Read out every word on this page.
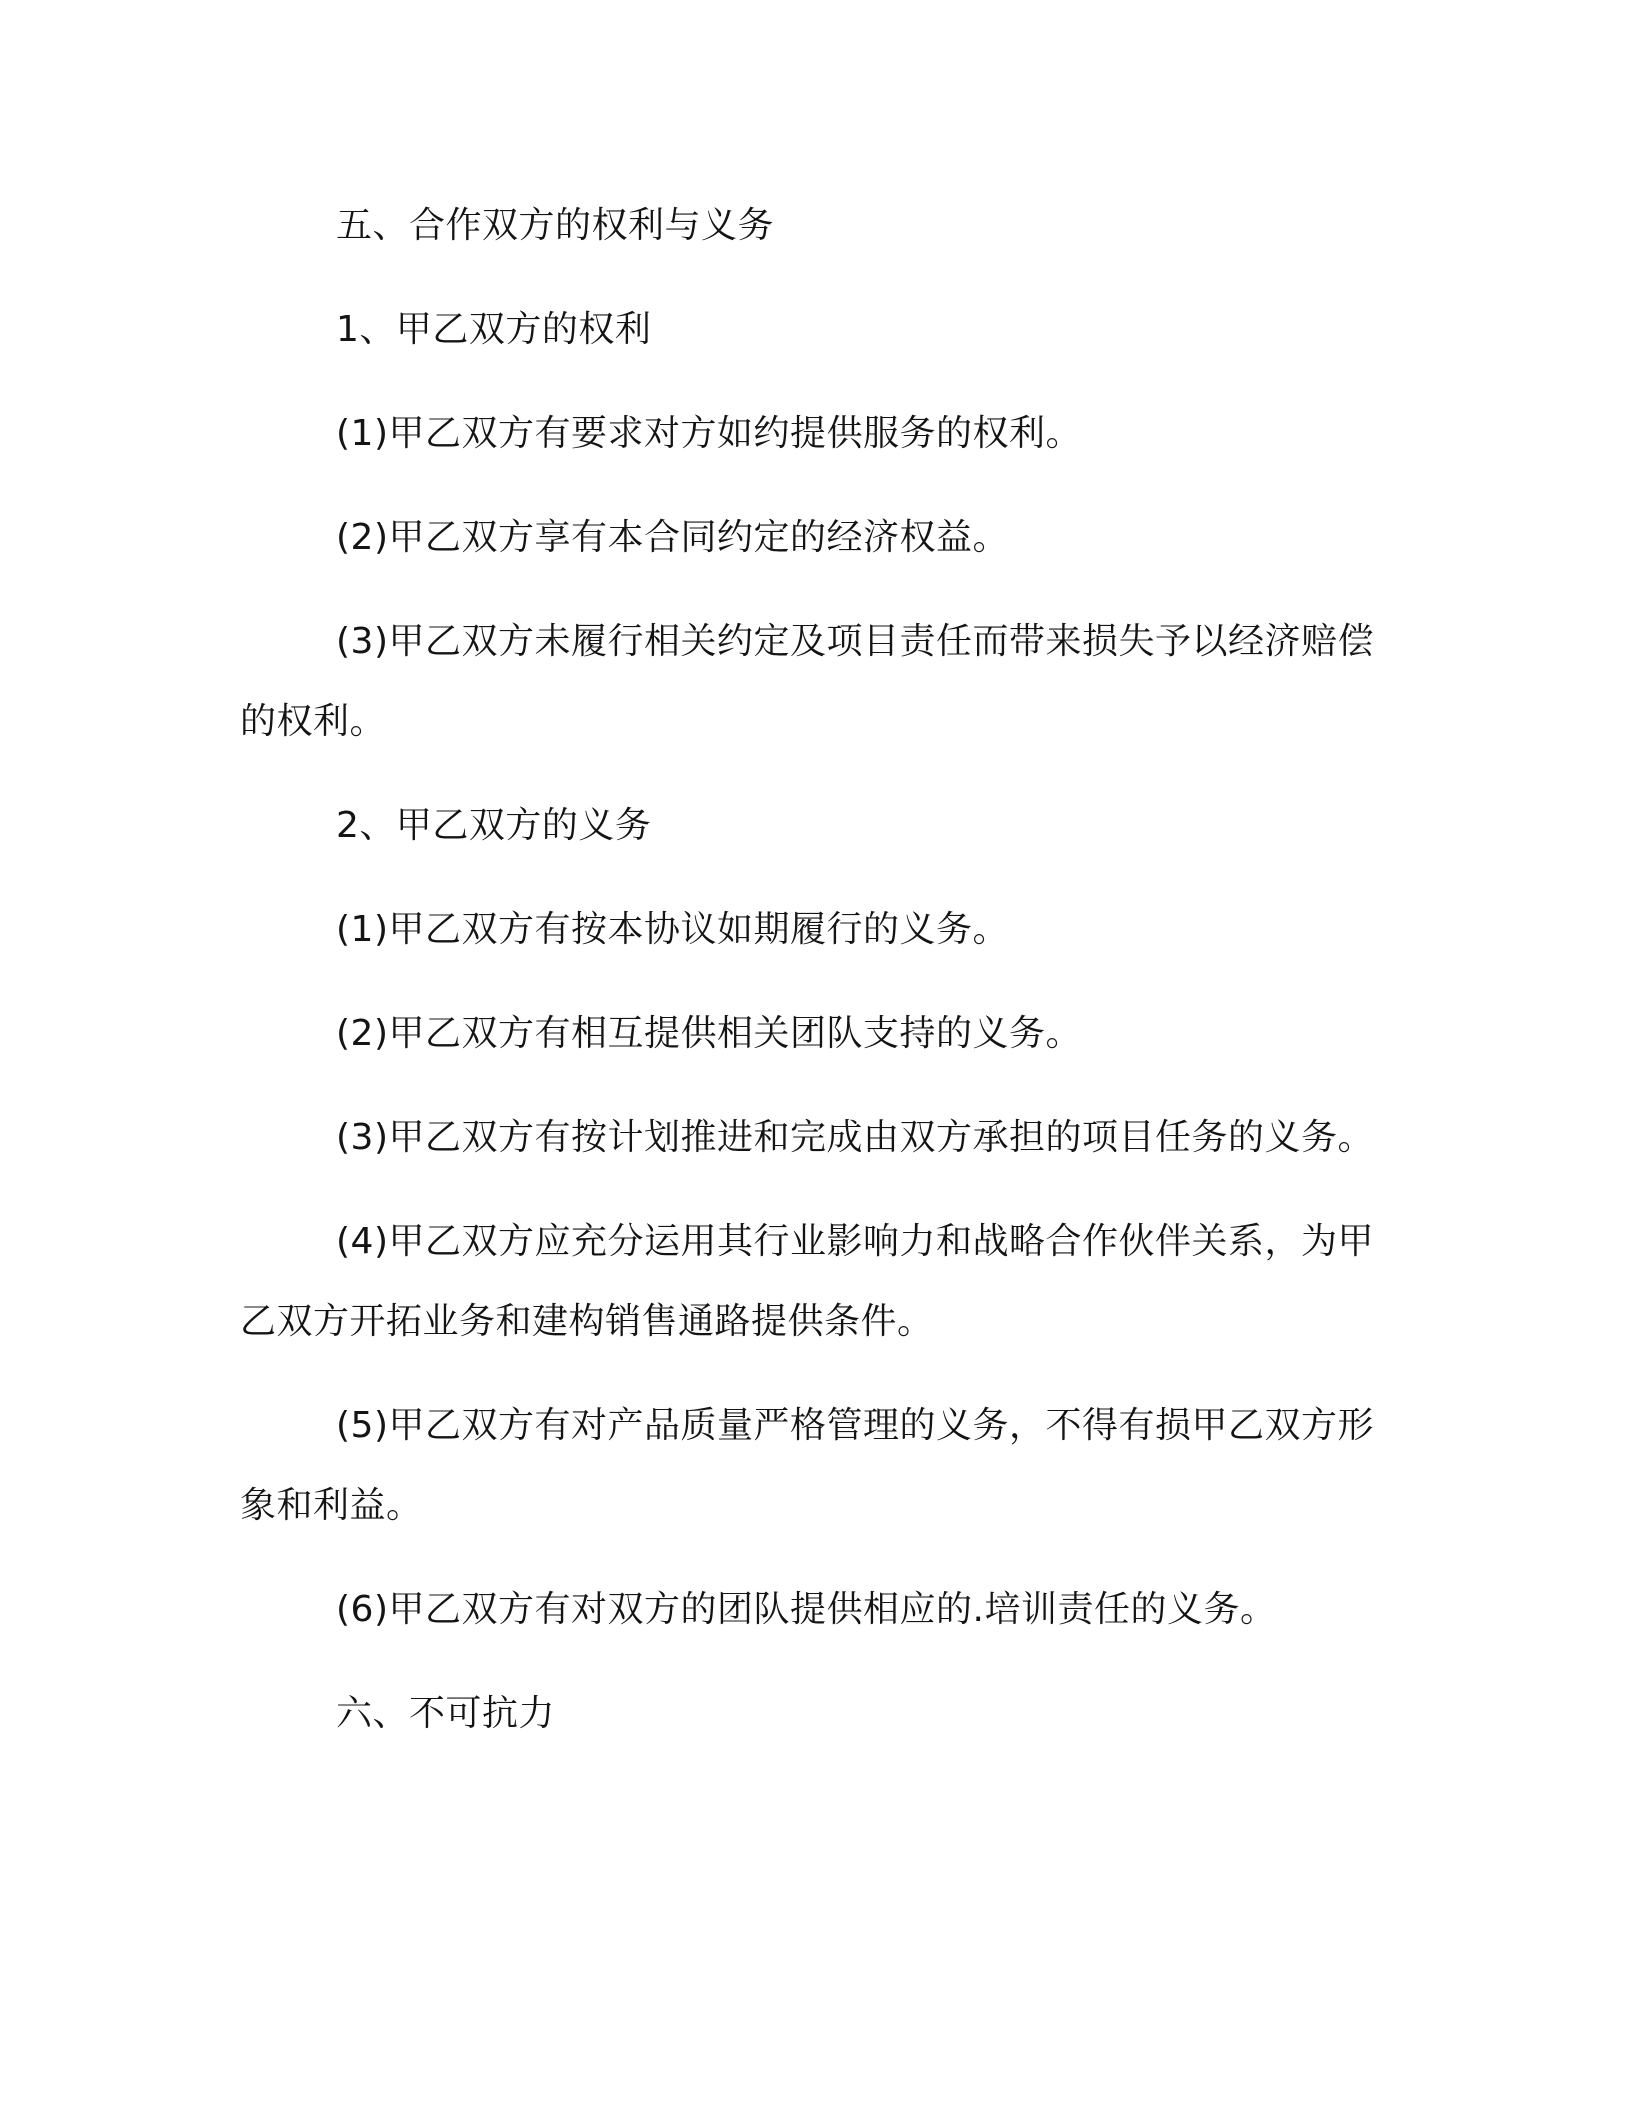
五、合作双方的权利与义务

1、甲乙双方的权利

(1)甲乙双方有要求对方如约提供服务的权利。

(2)甲乙双方享有本合同约定的经济权益。

(3)甲乙双方未履行相关约定及项目责任而带来损失予以经济赔偿的权利。

2、甲乙双方的义务

(1)甲乙双方有按本协议如期履行的义务。

(2)甲乙双方有相互提供相关团队支持的义务。

(3)甲乙双方有按计划推进和完成由双方承担的项目任务的义务。

(4)甲乙双方应充分运用其行业影响力和战略合作伙伴关系，为甲乙双方开拓业务和建构销售通路提供条件。

(5)甲乙双方有对产品质量严格管理的义务，不得有损甲乙双方形象和利益。

(6)甲乙双方有对双方的团队提供相应的.培训责任的义务。

六、不可抗力
